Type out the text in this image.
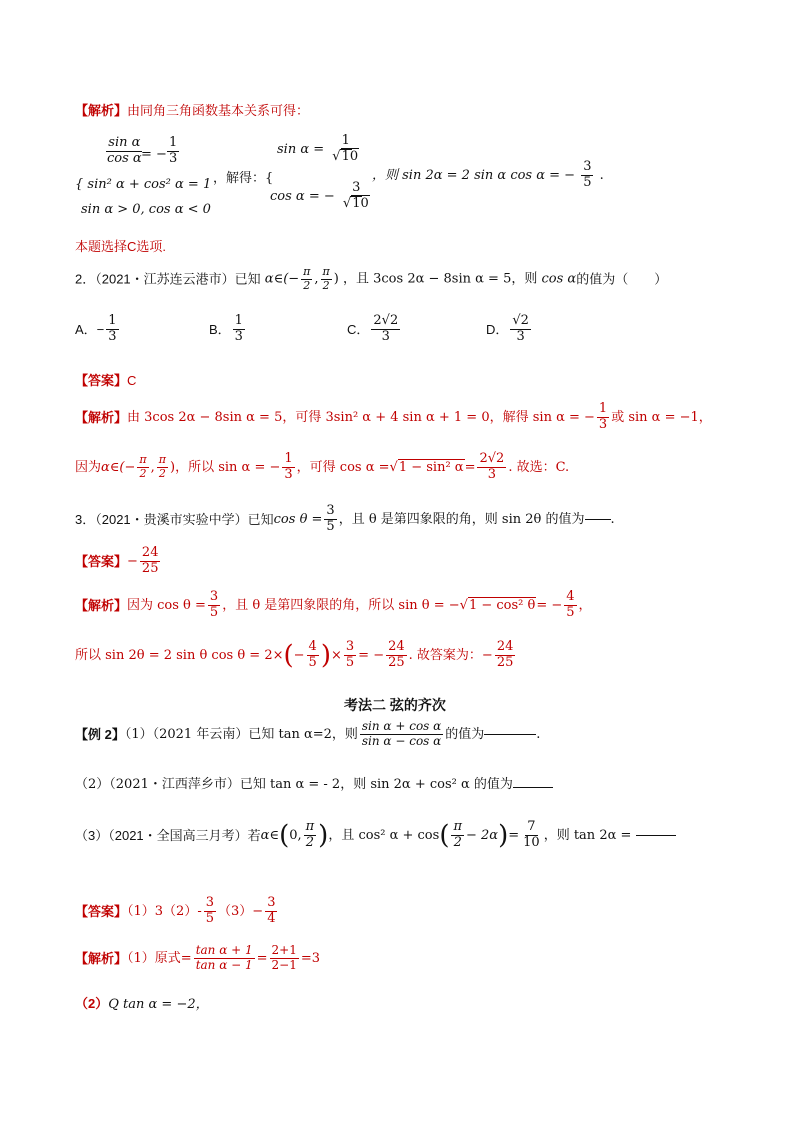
【解析】由同角三角函数基本关系可得：
$\frac{\text{sin α}}{\text{cos α}}$
= − $\frac{1}{3}$
{ sin² α + cos² α = 1
sin α > 0, cos α < 0
，解得：{
$\sin \alpha = \frac{1}{√10}$
cos α = − $\frac{3}{√10}$
，则 sin 2α = 2 sin α cos α = − $\frac{3}{5}$ .
本题选择C选项.
2．（2021・江苏连云港市）已知 α∈(− $\frac{\pi}{2}$ , $\frac{\pi}{2}$ ) ，且 3cos 2α − 8sin α = 5，则 cos α的值为（　　）
A．− $\frac{1}{3}$	B． $\frac{1}{3}$	C． $\frac{2√2}{3}$	D． $\frac{√2}{3}$
【答案】C
【解析】由 3cos 2α − 8sin α = 5，可得 3sin² α + 4 sin α + 1 = 0，解得 sin α = − $\frac{1}{3}$ 或 sin α = −1，
因为α∈(− $\frac{\pi}{2}$ , $\frac{\pi}{2}$ )，所以 sin α = − $\frac{1}{3}$ ，可得 cos α =√1 − sin² $\alpha= \frac{2√2}{3}$ . 故选：C.
3．（2021・贵溪市实验中学）已知$\cos \theta = \frac{3}{5}$ ，且 θ 是第四象限的角，则 sin 2θ 的值为 .
【答案】− $\frac{24}{25}$
【解析】因为 $\cos \theta = \frac{3}{5}$ ，且 θ 是第四象限的角，所以 sin θ = −√1 − cos² $\theta= - \frac{4}{5}$ ，
所以 sin 2θ = 2 sin θ $\cos \theta = 2\times(- \frac{4}{5}$ )× $\frac{3}{5}$ = − $\frac{24}{25}$ . 故答案为：− $\frac{24}{25}$
考法二 弦的齐次
【例 2】（1）（2021 年云南）已知 tan α=2，则 $\frac{\text{sin α + cos α}}{\text{sin α − cos α}}$ 的值为	.
（2）（2021・江西萍乡市）已知 tan α = - 2，则 sin 2α + cos² α 的值为
（3）（2021・全国高三月考）若α∈(0, $\frac{\pi}{2}$ )，且 cos² $\alpha + \cos( \frac{\pi}{2} - 2\alpha)= \frac{7}{10}$ ，则 tan 2α =
【答案】$(1)3(2)- \frac{3}{5} (3)- \frac{3}{4}$
【解析】（1）原式= $\frac{\text{tan α + 1}}{\text{tan α − 1}} = \frac{2+1}{2-1} =3$
（2）Q tan α = −2，
